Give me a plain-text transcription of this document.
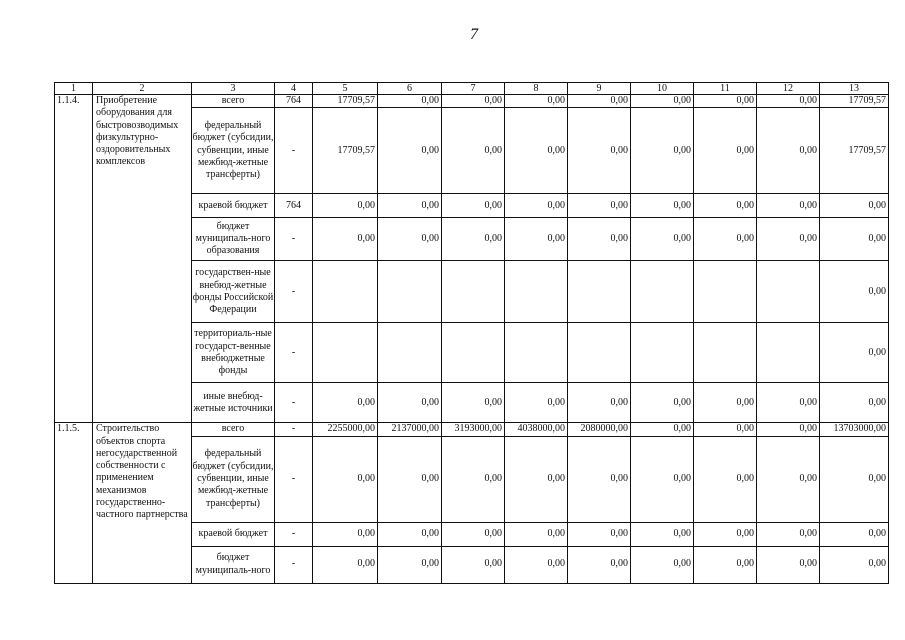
7
1	2	3	4	5	6	7	8	9	10	11	12	13
1.1.4.	Приобретение оборудования для быстровозводимых физкультурно-оздоровительных комплексов	всего	764	17709,57	0,00	0,00	0,00	0,00	0,00	0,00	0,00	17709,57
		федеральный бюджет (субсидии, субвенции, иные межбюд-жетные трансферты)	-	17709,57	0,00	0,00	0,00	0,00	0,00	0,00	0,00	17709,57
		краевой бюджет	764	0,00	0,00	0,00	0,00	0,00	0,00	0,00	0,00	0,00
		бюджет муниципаль-ного образования	-	0,00	0,00	0,00	0,00	0,00	0,00	0,00	0,00	0,00
		государствен-ные внебюд-жетные фонды Российской Федерации	-									0,00
		территориаль-ные государст-венные внебюджетные фонды	-									0,00
		иные внебюд-жетные источники	-	0,00	0,00	0,00	0,00	0,00	0,00	0,00	0,00	0,00
1.1.5.	Строительство объектов спорта негосударственной собственности с применением механизмов государственно-частного партнерства	всего	-	2255000,00	2137000,00	3193000,00	4038000,00	2080000,00	0,00	0,00	0,00	13703000,00
		федеральный бюджет (субсидии, субвенции, иные межбюд-жетные трансферты)	-	0,00	0,00	0,00	0,00	0,00	0,00	0,00	0,00	0,00
		краевой бюджет	-	0,00	0,00	0,00	0,00	0,00	0,00	0,00	0,00	0,00
		бюджет муниципаль-ного	-	0,00	0,00	0,00	0,00	0,00	0,00	0,00	0,00	0,00
